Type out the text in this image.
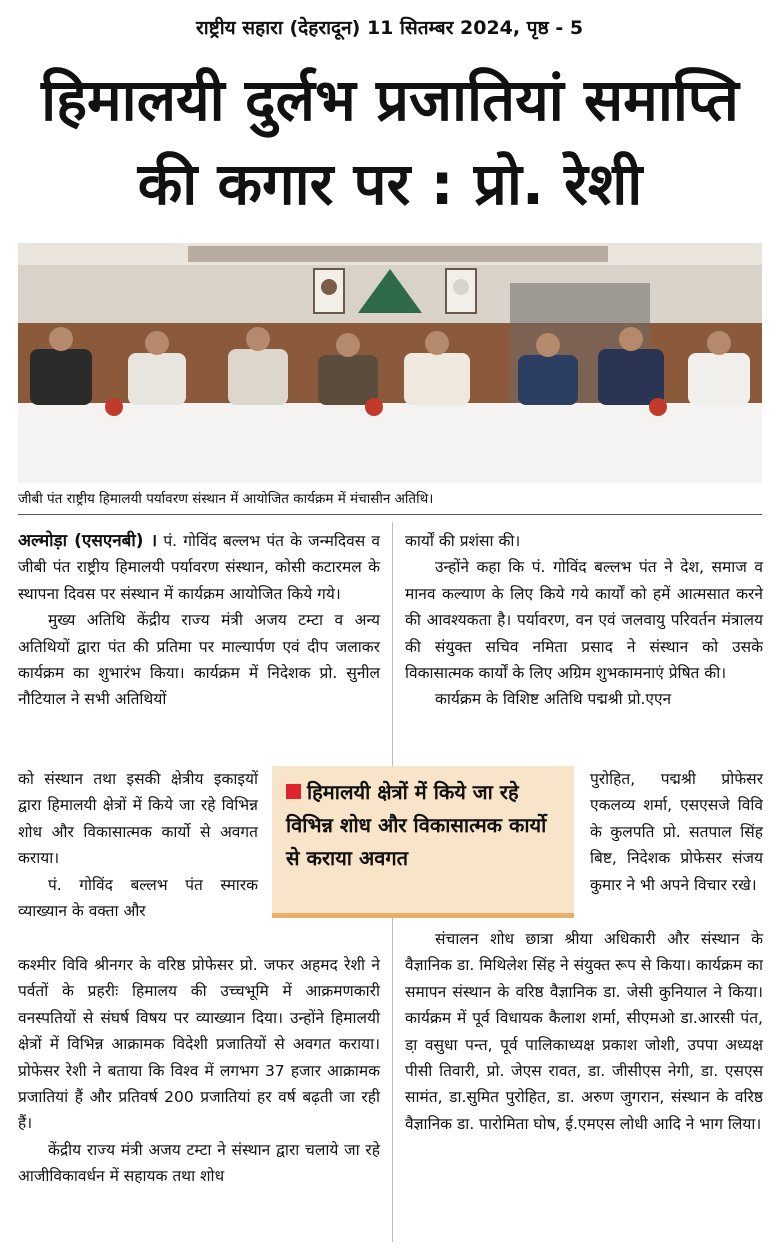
राष्ट्रीय सहारा (देहरादून) 11 सितम्बर 2024, पृष्ठ - 5
हिमालयी दुर्लभ प्रजातियां समाप्ति
की कगार पर : प्रो. रेशी
जीबी पंत राष्ट्रीय हिमालयी पर्यावरण संस्थान में आयोजित कार्यक्रम में मंचासीन अतिथि।

अल्मोड़ा (एसएनबी) । पं. गोविंद बल्लभ पंत के जन्मदिवस व जीबी पंत राष्ट्रीय हिमालयी पर्यावरण संस्थान, कोसी कटारमल के स्थापना दिवस पर संस्थान में कार्यक्रम आयोजित किये गये।

मुख्य अतिथि केंद्रीय राज्य मंत्री अजय टम्टा व अन्य अतिथियों द्वारा पंत की प्रतिमा पर माल्यार्पण एवं दीप जलाकर कार्यक्रम का शुभारंभ किया। कार्यक्रम में निदेशक प्रो. सुनील नौटियाल ने सभी अतिथियों

को संस्थान तथा इसकी क्षेत्रीय इकाइयों द्वारा हिमालयी क्षेत्रों में किये जा रहे विभिन्न शोध और विकासात्मक कार्यो से अवगत कराया।

पं. गोविंद बल्लभ पंत स्मारक व्याख्यान के वक्ता और

हिमालयी क्षेत्रों में किये जा रहे विभिन्न शोध और विकासात्मक कार्यो से कराया अवगत

कश्मीर विवि श्रीनगर के वरिष्ठ प्रोफेसर प्रो. जफर अहमद रेशी ने पर्वतों के प्रहरीः हिमालय की उच्चभूमि में आक्रमणकारी वनस्पतियों से संघर्ष विषय पर व्याख्यान दिया। उन्होंने हिमालयी क्षेत्रों में विभिन्न आक्रामक विदेशी प्रजातियों से अवगत कराया। प्रोफेसर रेशी ने बताया कि विश्व में लगभग 37 हजार आक्रामक प्रजातियां हैं और प्रतिवर्ष 200 प्रजातियां हर वर्ष बढ़ती जा रही हैं।

केंद्रीय राज्य मंत्री अजय टम्टा ने संस्थान द्वारा चलाये जा रहे आजीविकावर्धन में सहायक तथा शोध

कार्यों की प्रशंसा की।

उन्होंने कहा कि पं. गोविंद बल्लभ पंत ने देश, समाज व मानव कल्याण के लिए किये गये कार्यों को हमें आत्मसात करने की आवश्यकता है। पर्यावरण, वन एवं जलवायु परिवर्तन मंत्रालय की संयुक्त सचिव नमिता प्रसाद ने संस्थान को उसके विकासात्मक कार्यों के लिए अग्रिम शुभकामनाएं प्रेषित की।

कार्यक्रम के विशिष्ट अतिथि पद्मश्री प्रो.एएन

पुरोहित, पद्मश्री प्रोफेसर एकलव्य शर्मा, एसएसजे विवि के कुलपति प्रो. सतपाल सिंह बिष्ट, निदेशक प्रोफेसर संजय कुमार ने भी अपने विचार रखे।

संचालन शोध छात्रा श्रीया अधिकारी और संस्थान के वैज्ञानिक डा. मिथिलेश सिंह ने संयुक्त रूप से किया। कार्यक्रम का समापन संस्थान के वरिष्ठ वैज्ञानिक डा. जेसी कुनियाल ने किया। कार्यक्रम में पूर्व विधायक कैलाश शर्मा, सीएमओ डा.आरसी पंत, डा़ वसुधा पन्त, पूर्व पालिकाध्यक्ष प्रकाश जोशी, उपपा अध्यक्ष पीसी तिवारी, प्रो. जेएस रावत, डा. जीसीएस नेगी, डा. एसएस सामंत, डा.सुमित पुरोहित, डा. अरुण जुगरान, संस्थान के वरिष्ठ वैज्ञानिक डा. पारोमिता घोष, ई.एमएस लोधी आदि ने भाग लिया।
